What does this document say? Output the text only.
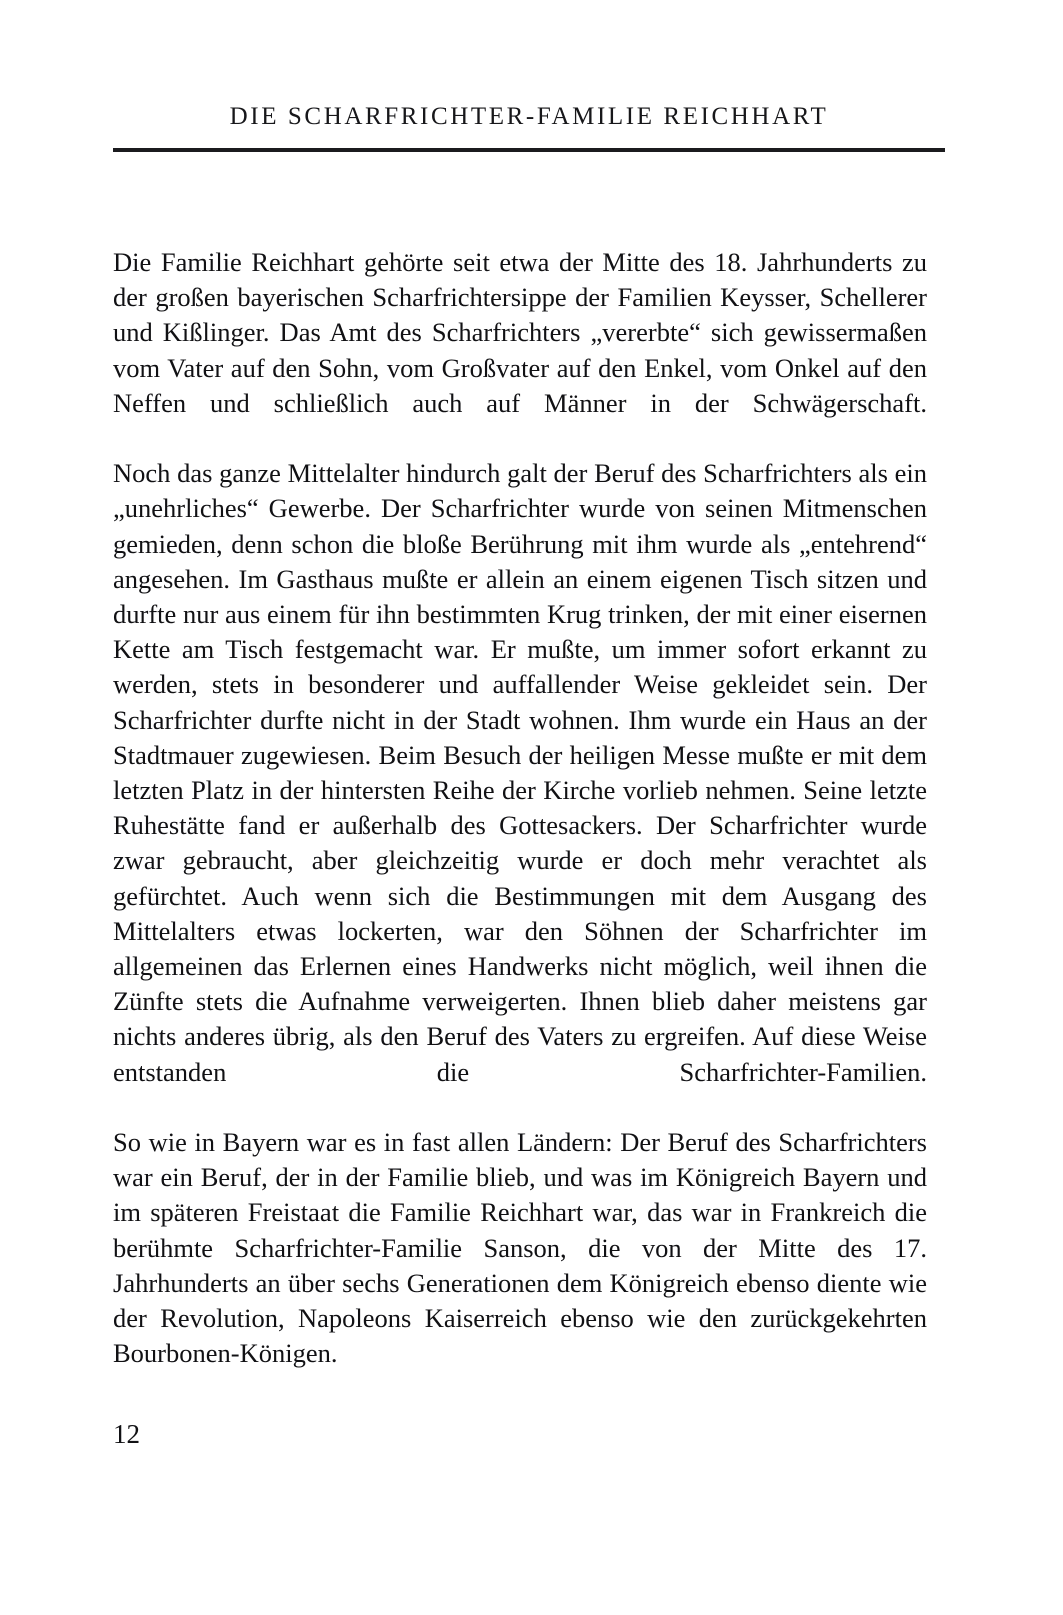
DIE SCHARFRICHTER-FAMILIE REICHHART

Die Familie Reichhart gehörte seit etwa der Mitte des 18. Jahrhunderts zu der großen bayerischen Scharfrichtersippe der Familien Keysser, Schellerer und Kißlinger. Das Amt des Scharfrichters „vererbte“ sich gewissermaßen vom Vater auf den Sohn, vom Großvater auf den Enkel, vom Onkel auf den Neffen und schließlich auch auf Männer in der Schwägerschaft.

Noch das ganze Mittelalter hindurch galt der Beruf des Scharfrichters als ein „unehrliches“ Gewerbe. Der Scharfrichter wurde von seinen Mitmenschen gemieden, denn schon die bloße Berührung mit ihm wurde als „entehrend“ angesehen. Im Gasthaus mußte er allein an einem eigenen Tisch sitzen und durfte nur aus einem für ihn bestimmten Krug trinken, der mit einer eisernen Kette am Tisch festgemacht war. Er mußte, um immer sofort erkannt zu werden, stets in besonderer und auffallender Weise gekleidet sein. Der Scharfrichter durfte nicht in der Stadt wohnen. Ihm wurde ein Haus an der Stadtmauer zugewiesen. Beim Besuch der heiligen Messe mußte er mit dem letzten Platz in der hintersten Reihe der Kirche vorlieb nehmen. Seine letzte Ruhestätte fand er außerhalb des Gottesackers. Der Scharfrichter wurde zwar gebraucht, aber gleichzeitig wurde er doch mehr verachtet als gefürchtet. Auch wenn sich die Bestimmungen mit dem Ausgang des Mittelalters etwas lockerten, war den Söhnen der Scharfrichter im allgemeinen das Erlernen eines Handwerks nicht möglich, weil ihnen die Zünfte stets die Aufnahme verweigerten. Ihnen blieb daher meistens gar nichts anderes übrig, als den Beruf des Vaters zu ergreifen. Auf diese Weise entstanden die Scharfrichter-Familien.

So wie in Bayern war es in fast allen Ländern: Der Beruf des Scharfrichters war ein Beruf, der in der Familie blieb, und was im Königreich Bayern und im späteren Freistaat die Familie Reichhart war, das war in Frankreich die berühmte Scharfrichter-Familie Sanson, die von der Mitte des 17. Jahrhunderts an über sechs Generationen dem Königreich ebenso diente wie der Revolution, Napoleons Kaiserreich ebenso wie den zurückgekehrten Bourbonen-Königen.

12
